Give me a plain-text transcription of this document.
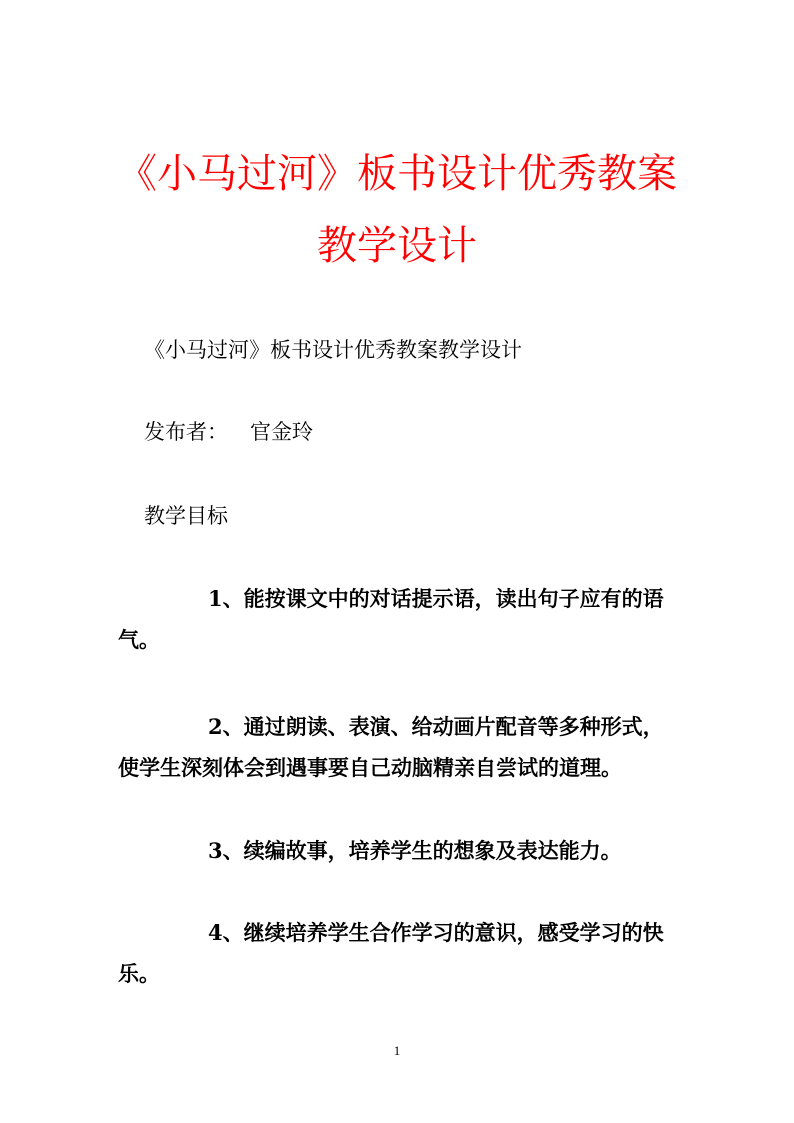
《小马过河》板书设计优秀教案教学设计

《小马过河》板书设计优秀教案教学设计

发布者： 官金玲

教学目标

1、能按课文中的对话提示语，读出句子应有的语气。

2、通过朗读、表演、给动画片配音等多种形式，使学生深刻体会到遇事要自己动脑精亲自尝试的道理。

3、续编故事，培养学生的想象及表达能力。

4、继续培养学生合作学习的意识，感受学习的快乐。

1
